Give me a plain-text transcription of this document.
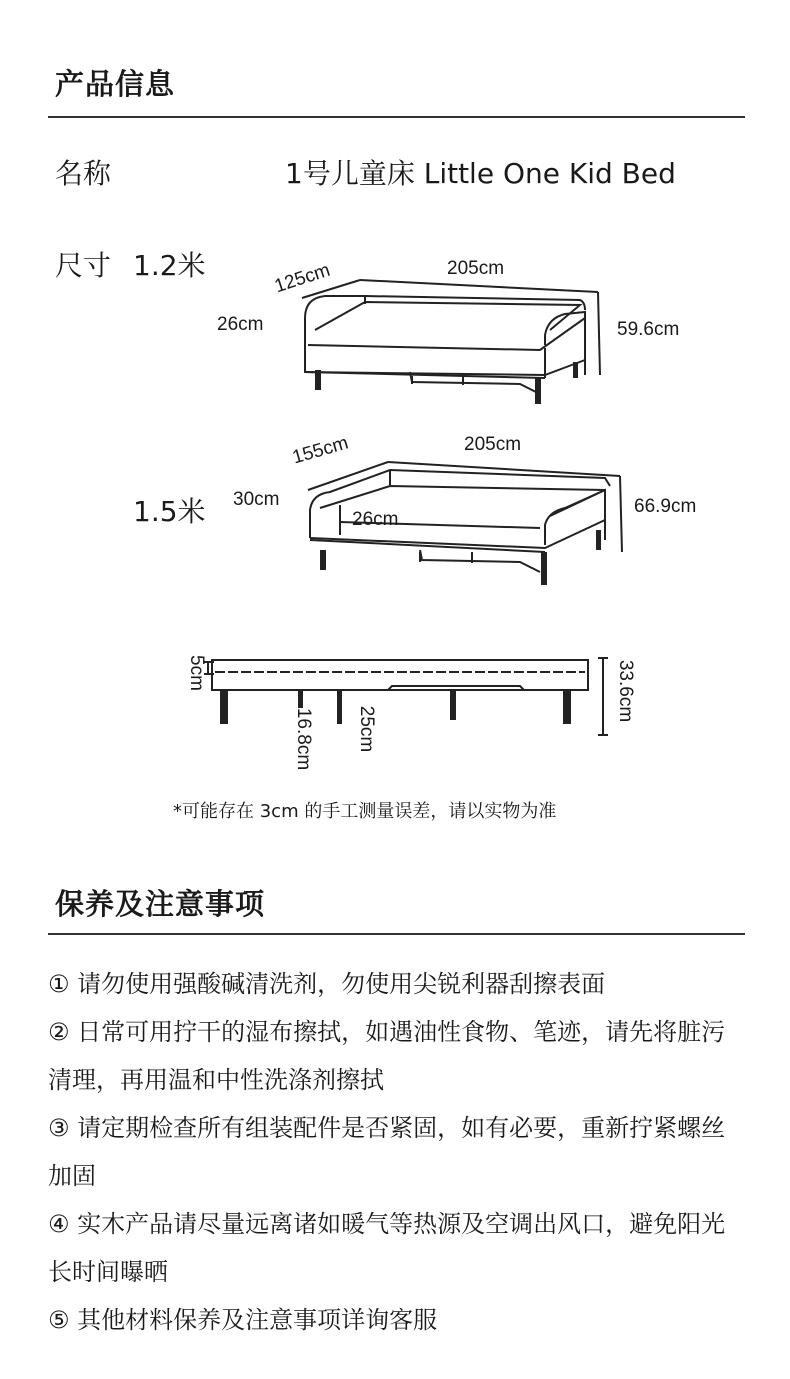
产品信息
名称	1号儿童床 Little One Kid Bed
尺寸 1.2米	125cm	205cm
26cm	59.6cm
1.5米
155cm	205cm
30cm
26cm
66.9cm
5cm
16.8cm 25cm
33.6cm
*可能存在 3cm 的手工测量误差，请以实物为准
保养及注意事项
① 请勿使用强酸碱清洗剂，勿使用尖锐利器刮擦表面
② 日常可用拧干的湿布擦拭，如遇油性食物、笔迹，请先将脏污清理，再用温和中性洗涤剂擦拭
③ 请定期检查所有组装配件是否紧固，如有必要，重新拧紧螺丝加固
④ 实木产品请尽量远离诸如暖气等热源及空调出风口，避免阳光长时间曝晒
⑤ 其他材料保养及注意事项详询客服
